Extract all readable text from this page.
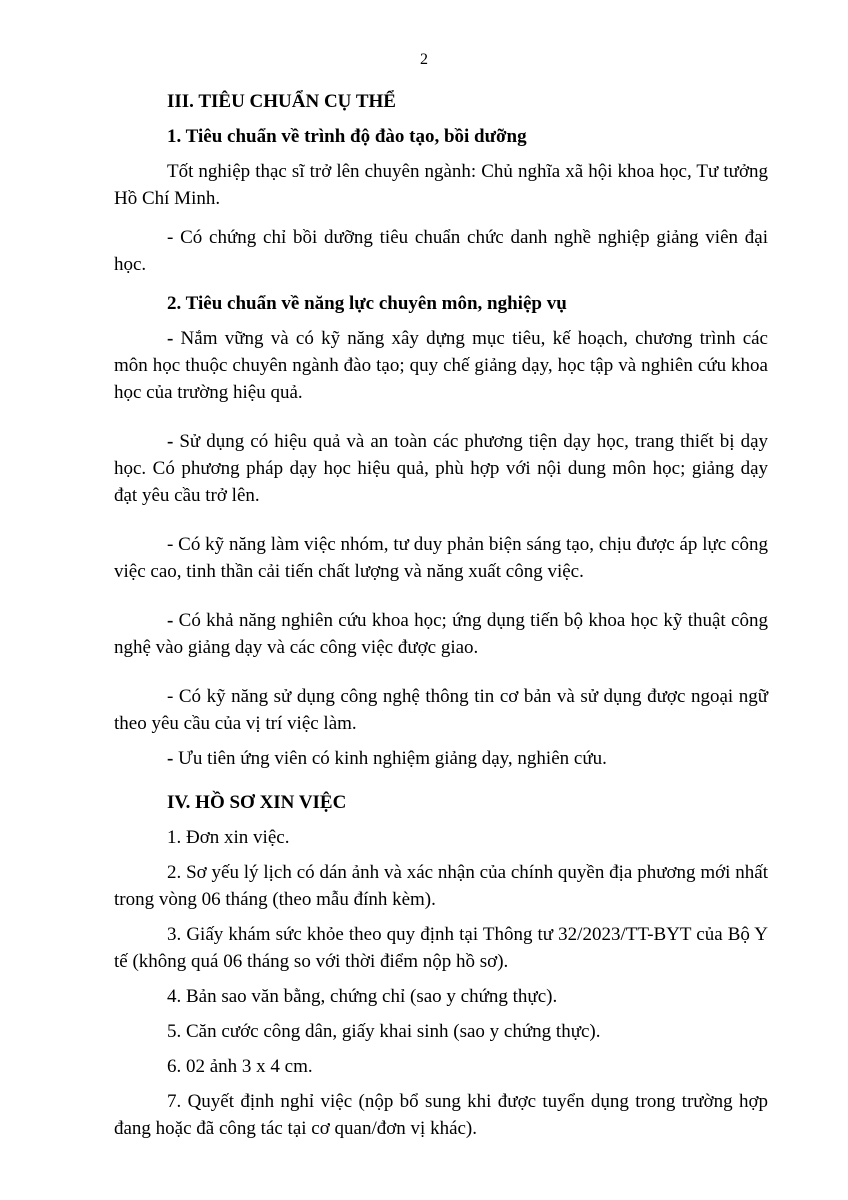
2

III. TIÊU CHUẨN CỤ THỂ

1. Tiêu chuẩn về trình độ đào tạo, bồi dưỡng

Tốt nghiệp thạc sĩ trở lên chuyên ngành: Chủ nghĩa xã hội khoa học, Tư tưởng Hồ Chí Minh.

- Có chứng chỉ bồi dưỡng tiêu chuẩn chức danh nghề nghiệp giảng viên đại học.

2. Tiêu chuẩn về năng lực chuyên môn, nghiệp vụ

- Nắm vững và có kỹ năng xây dựng mục tiêu, kế hoạch, chương trình các môn học thuộc chuyên ngành đào tạo; quy chế giảng dạy, học tập và nghiên cứu khoa học của trường hiệu quả.

- Sử dụng có hiệu quả và an toàn các phương tiện dạy học, trang thiết bị dạy học. Có phương pháp dạy học hiệu quả, phù hợp với nội dung môn học; giảng dạy đạt yêu cầu trở lên.

- Có kỹ năng làm việc nhóm, tư duy phản biện sáng tạo, chịu được áp lực công việc cao, tinh thần cải tiến chất lượng và năng xuất công việc.

- Có khả năng nghiên cứu khoa học; ứng dụng tiến bộ khoa học kỹ thuật công nghệ vào giảng dạy và các công việc được giao.

- Có kỹ năng sử dụng công nghệ thông tin cơ bản và sử dụng được ngoại ngữ theo yêu cầu của vị trí việc làm.

- Ưu tiên ứng viên có kinh nghiệm giảng dạy, nghiên cứu.

IV. HỒ SƠ XIN VIỆC

1. Đơn xin việc.

2. Sơ yếu lý lịch có dán ảnh và xác nhận của chính quyền địa phương mới nhất trong vòng 06 tháng (theo mẫu đính kèm).

3. Giấy khám sức khỏe theo quy định tại Thông tư 32/2023/TT-BYT của Bộ Y tế (không quá 06 tháng so với thời điểm nộp hồ sơ).

4. Bản sao văn bằng, chứng chỉ (sao y chứng thực).

5. Căn cước công dân, giấy khai sinh (sao y chứng thực).

6. 02 ảnh 3 x 4 cm.

7. Quyết định nghỉ việc (nộp bổ sung khi được tuyển dụng trong trường hợp đang hoặc đã công tác tại cơ quan/đơn vị khác).
